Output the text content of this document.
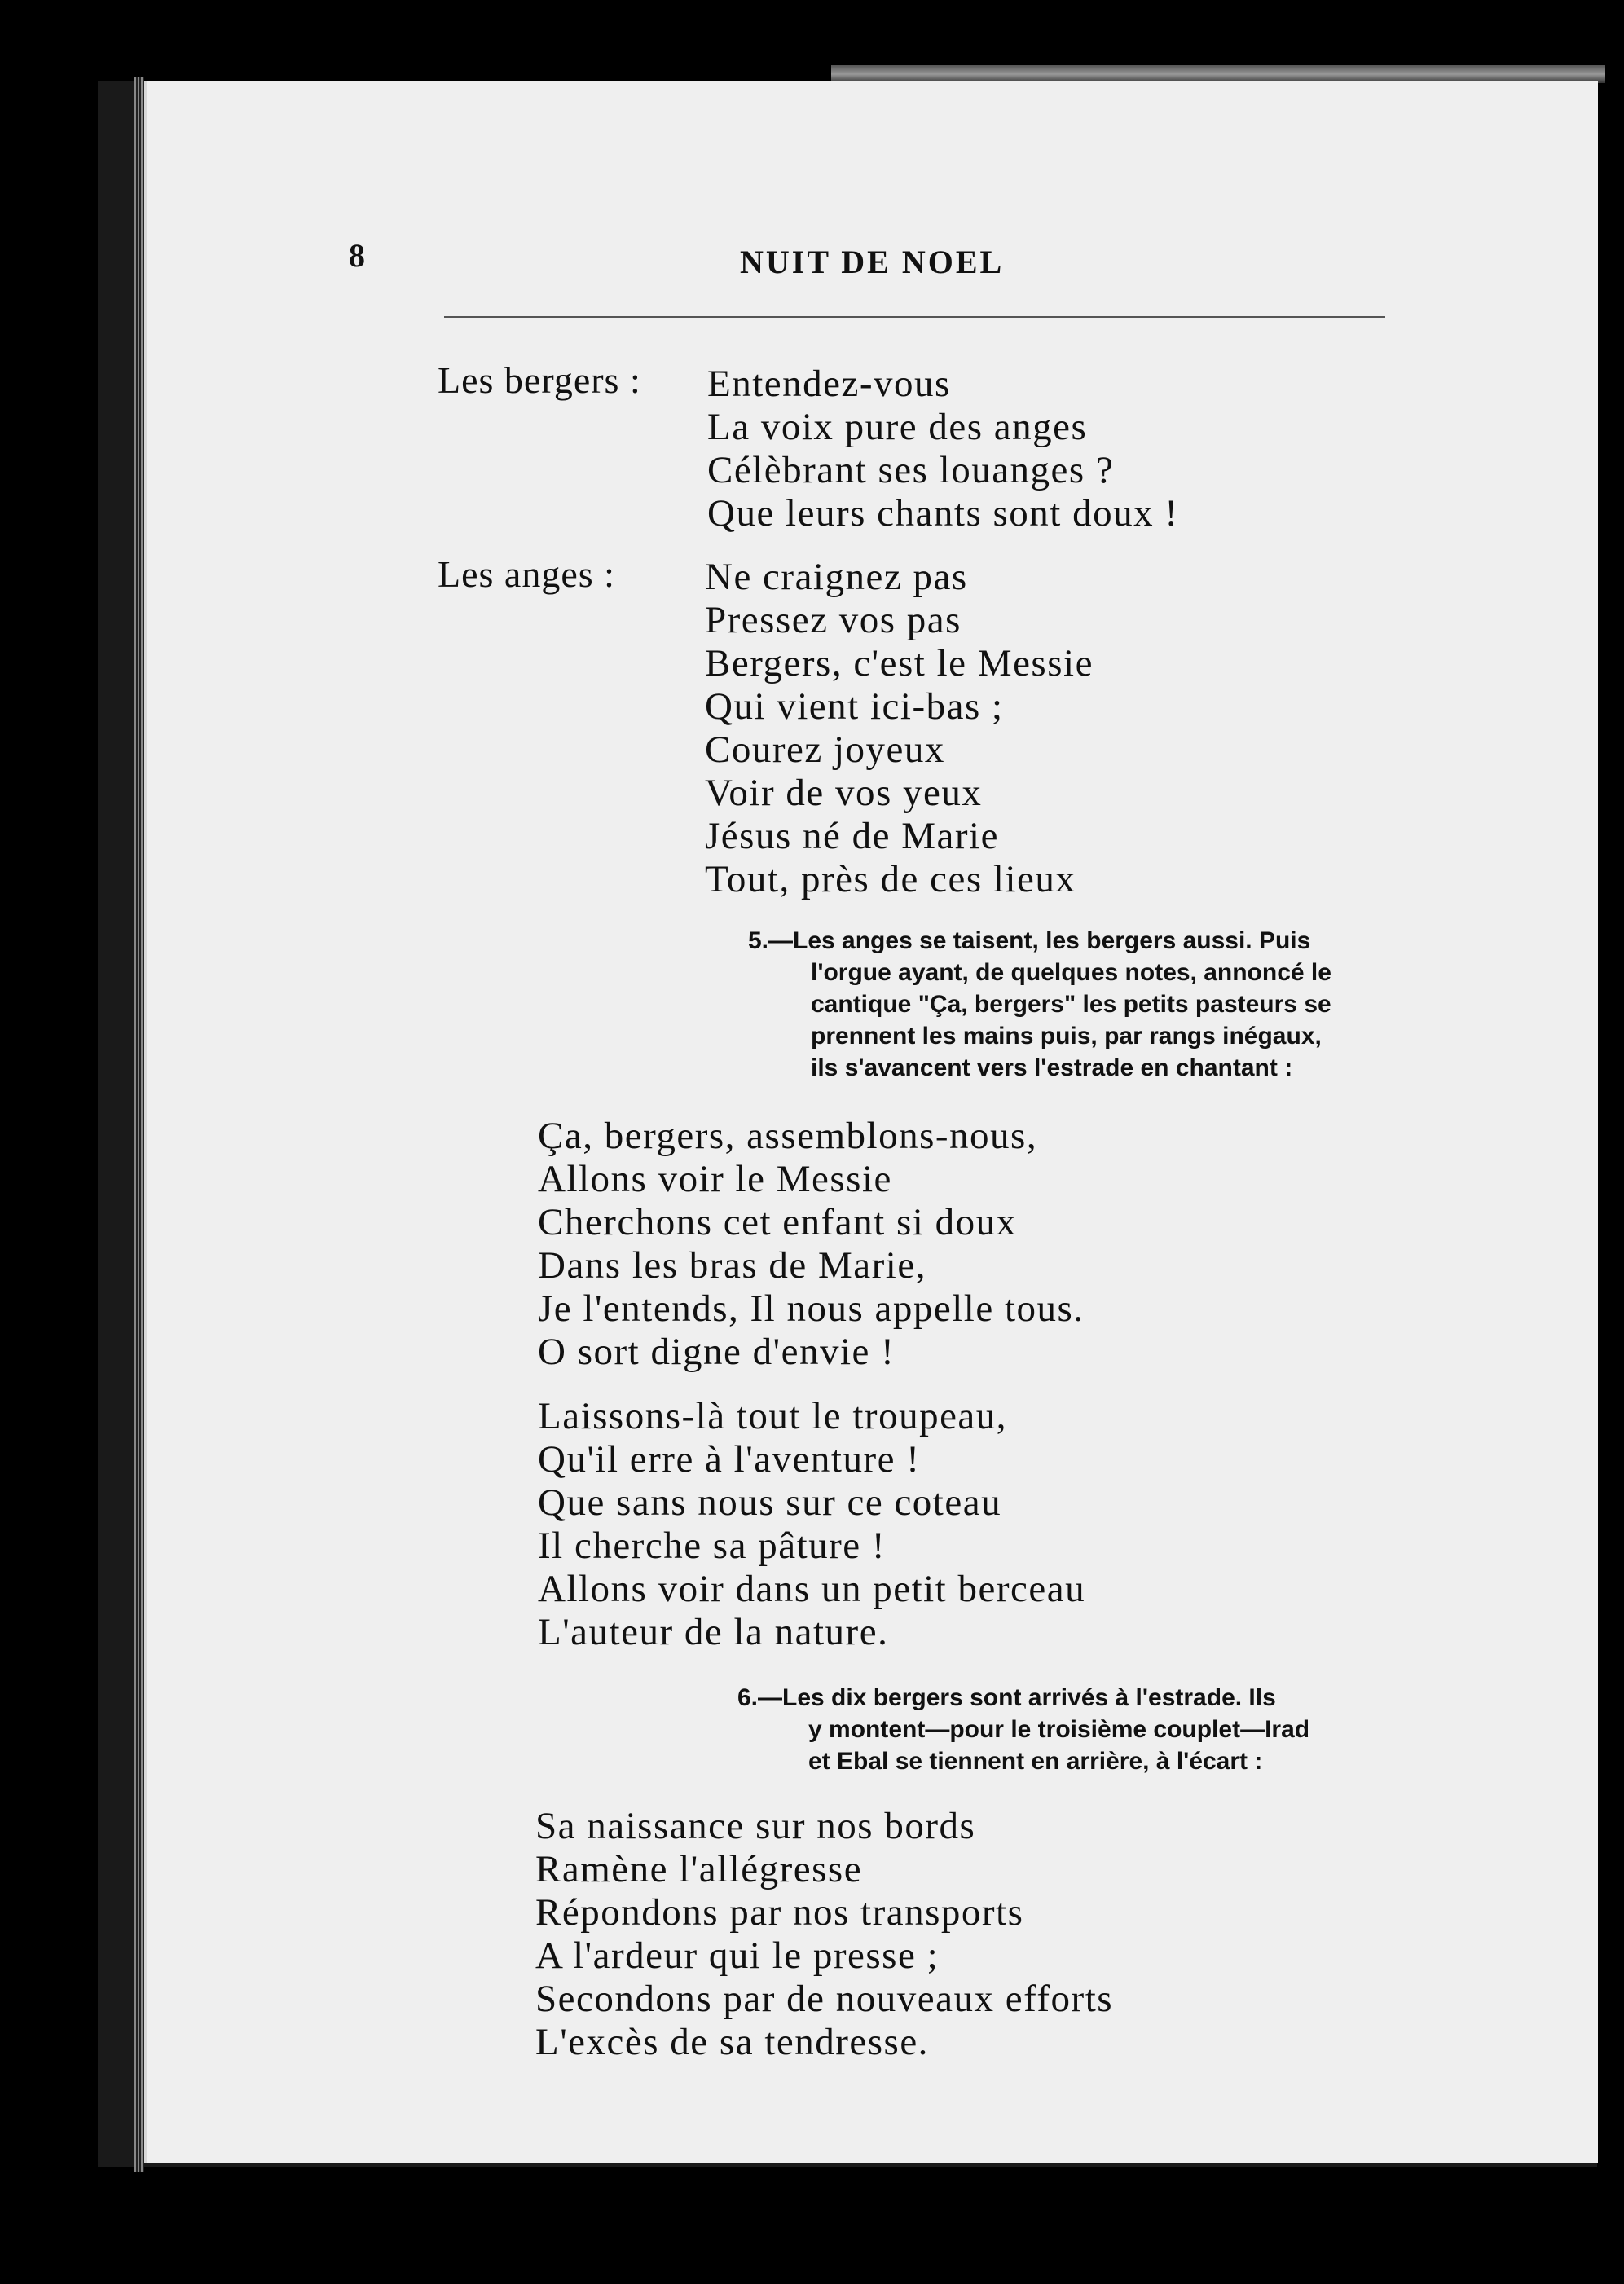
8	NUIT DE NOEL
Les bergers : Entendez-vous
La voix pure des anges
Célèbrant ses louanges ?
Que leurs chants sont doux !
Les anges : Ne craignez pas
Pressez vos pas
Bergers, c'est le Messie
Qui vient ici-bas ;
Courez joyeux
Voir de vos yeux
Jésus né de Marie
Tout, près de ces lieux
5.—Les anges se taisent, les bergers aussi. Puis
l'orgue ayant, de quelques notes, annoncé le
cantique "Ça, bergers" les petits pasteurs se
prennent les mains puis, par rangs inégaux,
ils s'avancent vers l'estrade en chantant :
Ça, bergers, assemblons-nous,
Allons voir le Messie
Cherchons cet enfant si doux
Dans les bras de Marie,
Je l'entends, Il nous appelle tous.
O sort digne d'envie !
Laissons-là tout le troupeau,
Qu'il erre à l'aventure !
Que sans nous sur ce coteau
Il cherche sa pâture !
Allons voir dans un petit berceau
L'auteur de la nature.
6.—Les dix bergers sont arrivés à l'estrade. Ils
y montent—pour le troisième couplet—Irad
et Ebal se tiennent en arrière, à l'écart :
Sa naissance sur nos bords
Ramène l'allégresse
Répondons par nos transports
A l'ardeur qui le presse ;
Secondons par de nouveaux efforts
L'excès de sa tendresse.
